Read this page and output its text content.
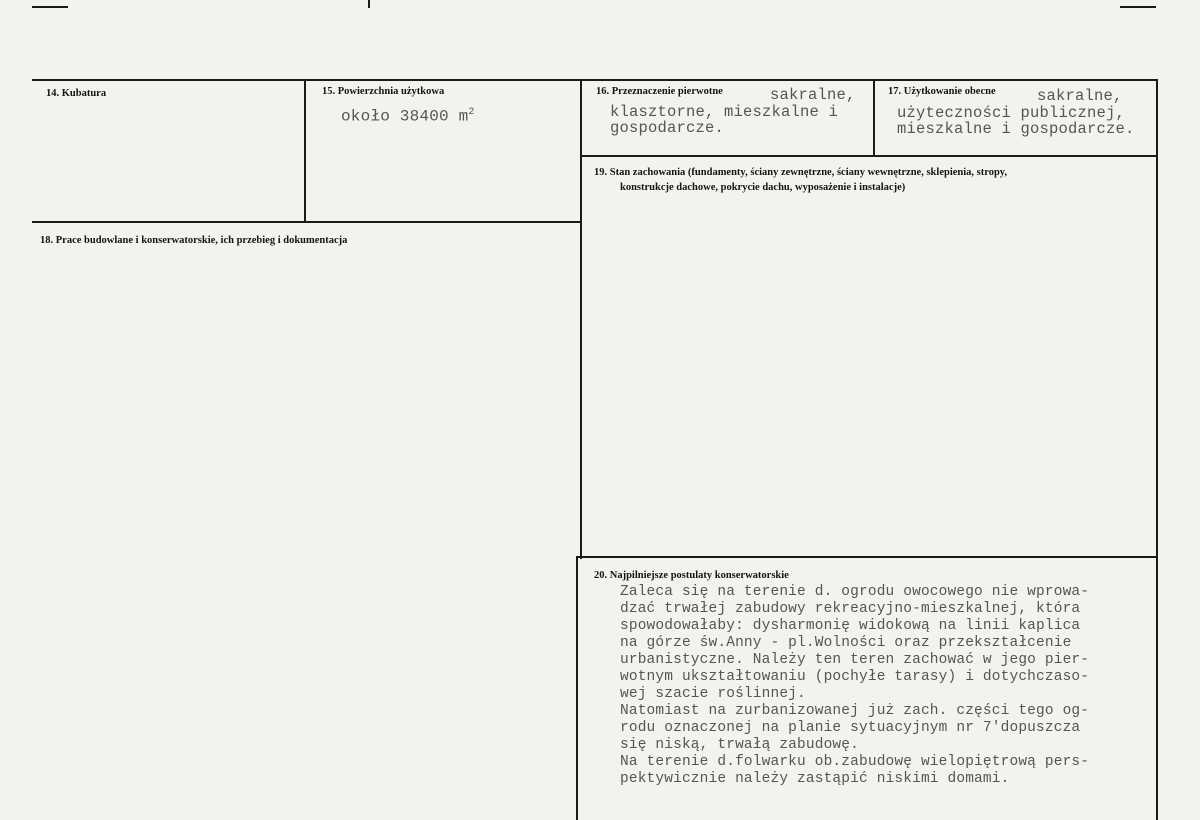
14. Kubatura	15. Powierzchnia użytkowa
około 38400 $m^2$
16. Przeznaczenie pierwotne	sakralne,
klasztorne, mieszkalne i
gospodarcze.
17. Użytkowanie obecne	sakralne,
użyteczności publicznej,
mieszkalne i gospodarcze.
18. Prace budowlane i konserwatorskie, ich przebieg i dokumentacja
19. Stan zachowania (fundamenty, ściany zewnętrzne, ściany wewnętrzne, sklepienia, stropy,
konstrukcje dachowe, pokrycie dachu, wyposażenie i instalacje)
20. Najpilniejsze postulaty konserwatorskie
Zaleca się na terenie d. ogrodu owocowego nie wprowa-
dzać trwałej zabudowy rekreacyjno-mieszkalnej, która
spowodowałaby: dysharmonię widokową na linii kaplica
na górze św.Anny - pl.Wolności oraz przekształcenie
urbanistyczne. Należy ten teren zachować w jego pier-
wotnym ukształtowaniu (pochyłe tarasy) i dotychczaso-
wej szacie roślinnej.
Natomiast na zurbanizowanej już zach. części tego og-
rodu oznaczonej na planie sytuacyjnym nr 7'dopuszcza
się niską, trwałą zabudowę.
Na terenie d.folwarku ob.zabudowę wielopiętrową pers-
pektywicznie należy zastąpić niskimi domami.
